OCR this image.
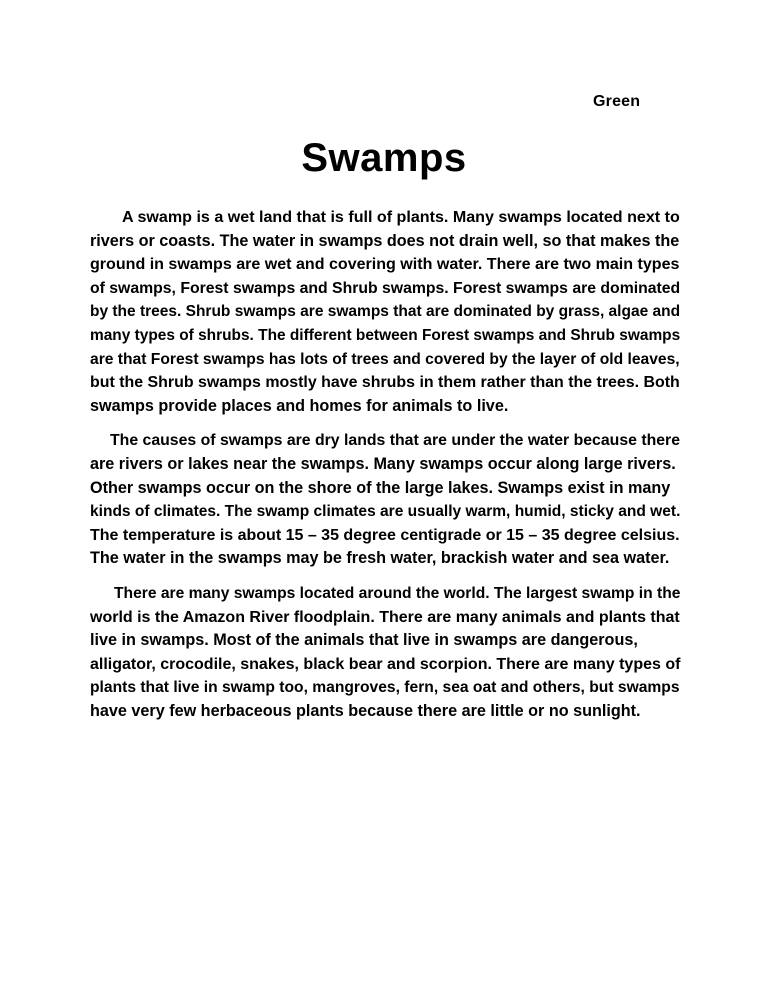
Green
Swamps
A swamp is a wet land that is full of plants. Many swamps located next to
rivers or coasts. The water in swamps does not drain well, so that makes the
ground in swamps are wet and covering with water. There are two main types
of swamps, Forest swamps and Shrub swamps. Forest swamps are dominated
by the trees. Shrub swamps are swamps that are dominated by grass, algae and
many types of shrubs. The different between Forest swamps and Shrub swamps
are that Forest swamps has lots of trees and covered by the layer of old leaves,
but the Shrub swamps mostly have shrubs in them rather than the trees. Both
swamps provide places and homes for animals to live.
The causes of swamps are dry lands that are under the water because there
are rivers or lakes near the swamps. Many swamps occur along large rivers.
Other swamps occur on the shore of the large lakes. Swamps exist in many
kinds of climates. The swamp climates are usually warm, humid, sticky and wet.
The temperature is about 15 – 35 degree centigrade or 15 – 35 degree celsius.
The water in the swamps may be fresh water, brackish water and sea water.
There are many swamps located around the world. The largest swamp in the
world is the Amazon River floodplain. There are many animals and plants that
live in swamps. Most of the animals that live in swamps are dangerous,
alligator, crocodile, snakes, black bear and scorpion. There are many types of
plants that live in swamp too, mangroves, fern, sea oat and others, but swamps
have very few herbaceous plants because there are little or no sunlight.
